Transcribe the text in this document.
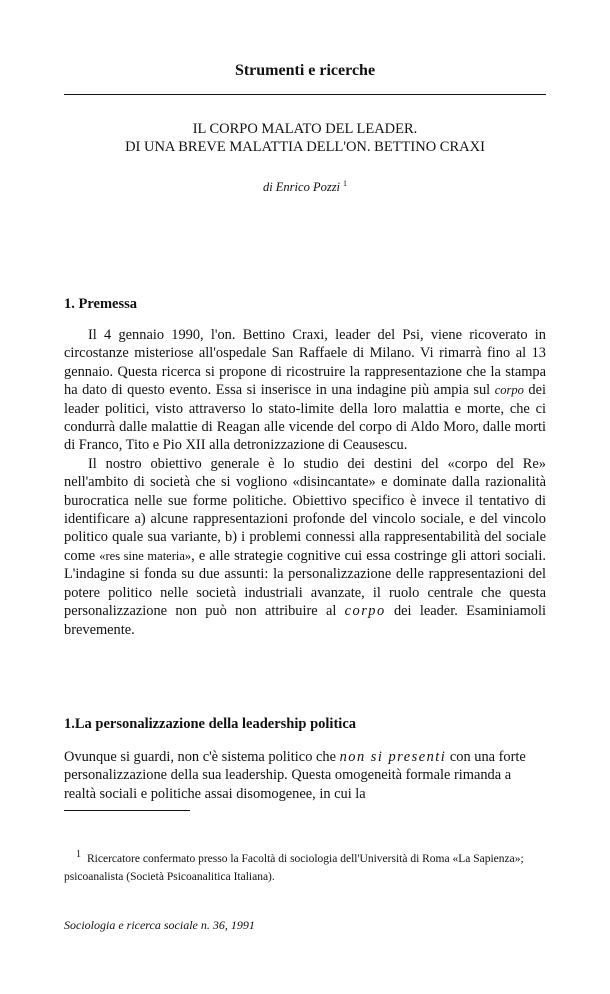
Strumenti e ricerche
IL CORPO MALATO DEL LEADER.
DI UNA BREVE MALATTIA DELL'ON. BETTINO CRAXI
di Enrico Pozzi $^1$
1. Premessa

Il 4 gennaio 1990, l'on. Bettino Craxi, leader del Psi, viene ricoverato in circostanze misteriose all'ospedale San Raffaele di Milano. Vi rimarrà fino al 13 gennaio. Questa ricerca si propone di ricostruire la rappresentazione che la stampa ha dato di questo evento. Essa si inserisce in una indagine più ampia sul corpo dei leader politici, visto attraverso lo stato-limite della loro malattia e morte, che ci condurrà dalle malattie di Reagan alle vicende del corpo di Aldo Moro, dalle morti di Franco, Tito e Pio XII alla detronizzazione di Ceausescu.

Il nostro obiettivo generale è lo studio dei destini del «corpo del Re» nell'ambito di società che si vogliono «disincantate» e dominate dalla razionalità burocratica nelle sue forme politiche. Obiettivo specifico è invece il tentativo di identificare a) alcune rappresentazioni profonde del vincolo sociale, e del vincolo politico quale sua variante, b) i problemi connessi alla rappresentabilità del sociale come «res sine materia», e alle strategie cognitive cui essa costringe gli attori sociali. L'indagine si fonda su due assunti: la personalizzazione delle rappresentazioni del potere politico nelle società industriali avanzate, il ruolo centrale che questa personalizzazione non può non attribuire al corpo dei leader. Esaminiamoli brevemente.

1.La personalizzazione della leadership politica

Ovunque si guardi, non c'è sistema politico che non si presenti con una forte personalizzazione della sua leadership. Questa omogeneità formale rimanda a realtà sociali e politiche assai disomogenee, in cui la

$^1$ Ricercatore confermato presso la Facoltà di sociologia dell'Università di Roma «La Sapienza»; psicoanalista (Società Psicoanalitica Italiana).
Sociologia e ricerca sociale n. 36, 1991
